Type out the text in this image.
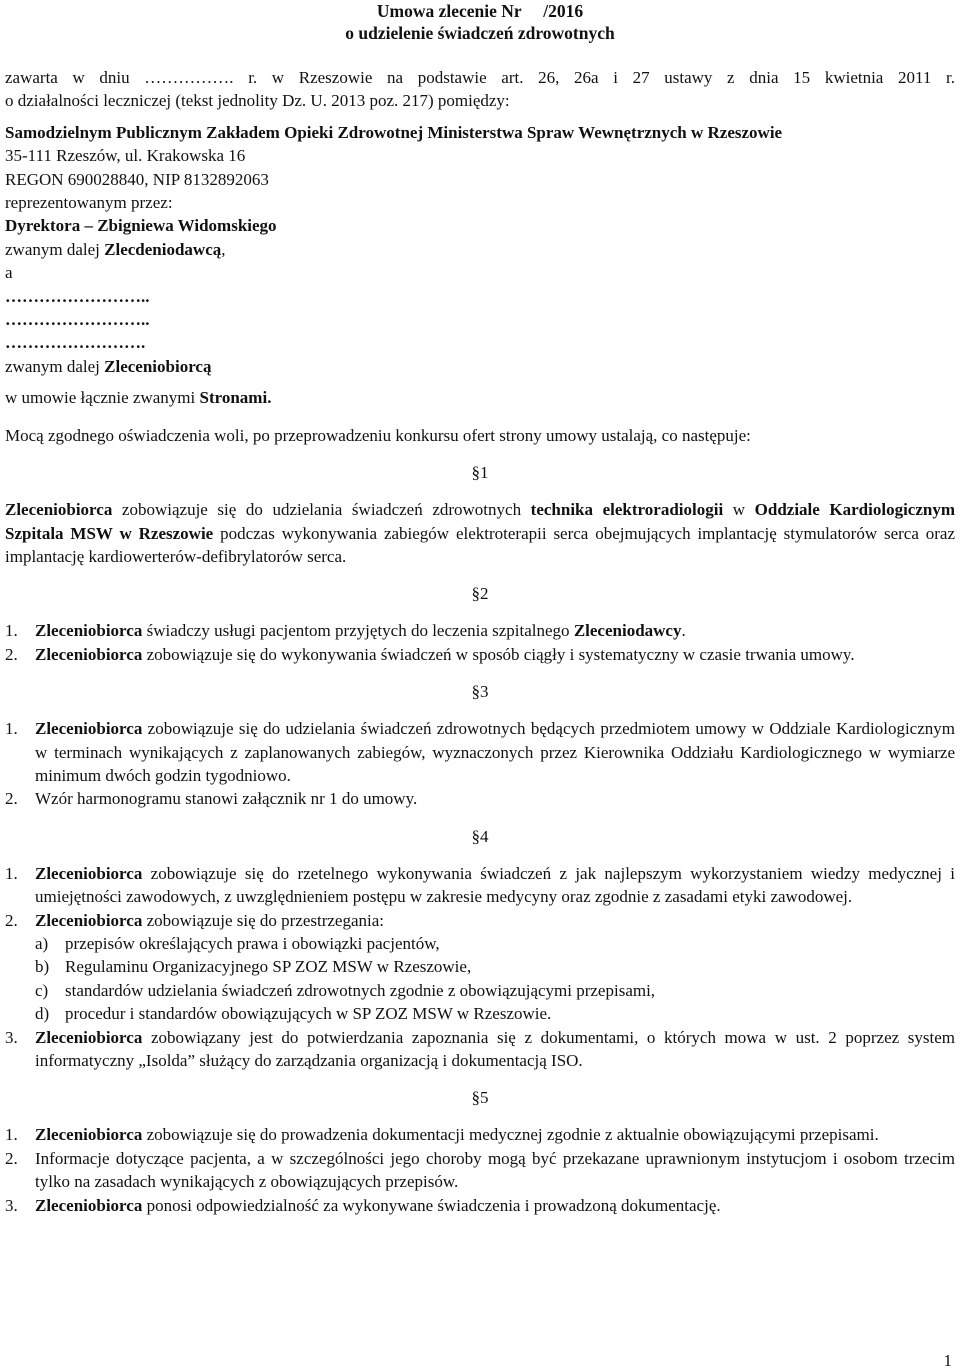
Umowa zlecenie Nr     /2016
o udzielenie świadczeń zdrowotnych

zawarta w dniu ……………. r. w Rzeszowie na podstawie art. 26, 26a i 27 ustawy z dnia 15 kwietnia 2011 r.

o działalności leczniczej (tekst jednolity Dz. U. 2013 poz. 217) pomiędzy:

Samodzielnym Publicznym Zakładem Opieki Zdrowotnej Ministerstwa Spraw Wewnętrznych w Rzeszowie

35-111 Rzeszów, ul. Krakowska 16

REGON 690028840, NIP 8132892063

reprezentowanym przez:

Dyrektora – Zbigniewa Widomskiego

zwanym dalej Zlecdeniodawcą,

a

……………………..

……………………..

…………………….

zwanym dalej Zleceniobiorcą

w umowie łącznie zwanymi Stronami.

Mocą zgodnego oświadczenia woli, po przeprowadzeniu konkursu ofert strony umowy ustalają, co następuje:

§1

Zleceniobiorca zobowiązuje się do udzielania świadczeń zdrowotnych technika elektroradiologii w Oddziale Kardiologicznym Szpitala MSW w Rzeszowie podczas wykonywania zabiegów elektroterapii serca obejmujących implantację stymulatorów serca oraz implantację kardiowerterów-defibrylatorów serca.

§2
1. Zleceniobiorca świadczy usługi pacjentom przyjętych do leczenia szpitalnego Zleceniodawcy.
2. Zleceniobiorca zobowiązuje się do wykonywania świadczeń w sposób ciągły i systematyczny w czasie trwania umowy.
§3
1. Zleceniobiorca zobowiązuje się do udzielania świadczeń zdrowotnych będących przedmiotem umowy w Oddziale Kardiologicznym w terminach wynikających z zaplanowanych zabiegów, wyznaczonych przez Kierownika Oddziału Kardiologicznego w wymiarze minimum dwóch godzin tygodniowo.
2. Wzór harmonogramu stanowi załącznik nr 1 do umowy.
§4
1. Zleceniobiorca zobowiązuje się do rzetelnego wykonywania świadczeń z jak najlepszym wykorzystaniem wiedzy medycznej i umiejętności zawodowych, z uwzględnieniem postępu w zakresie medycyny oraz zgodnie z zasadami etyki zawodowej.
2. Zleceniobiorca zobowiązuje się do przestrzegania:
a) przepisów określających prawa i obowiązki pacjentów,
b) Regulaminu Organizacyjnego SP ZOZ MSW w Rzeszowie,
c) standardów udzielania świadczeń zdrowotnych zgodnie z obowiązującymi przepisami,
d) procedur i standardów obowiązujących w SP ZOZ MSW w Rzeszowie.
3. Zleceniobiorca zobowiązany jest do potwierdzania zapoznania się z dokumentami, o których mowa w ust. 2 poprzez system informatyczny „Isolda” służący do zarządzania organizacją i dokumentacją ISO.
§5
1. Zleceniobiorca zobowiązuje się do prowadzenia dokumentacji medycznej zgodnie z aktualnie obowiązującymi przepisami.
2. Informacje dotyczące pacjenta, a w szczególności jego choroby mogą być przekazane uprawnionym instytucjom i osobom trzecim tylko na zasadach wynikających z obowiązujących przepisów.
3. Zleceniobiorca ponosi odpowiedzialność za wykonywane świadczenia i prowadzoną dokumentację.
1
